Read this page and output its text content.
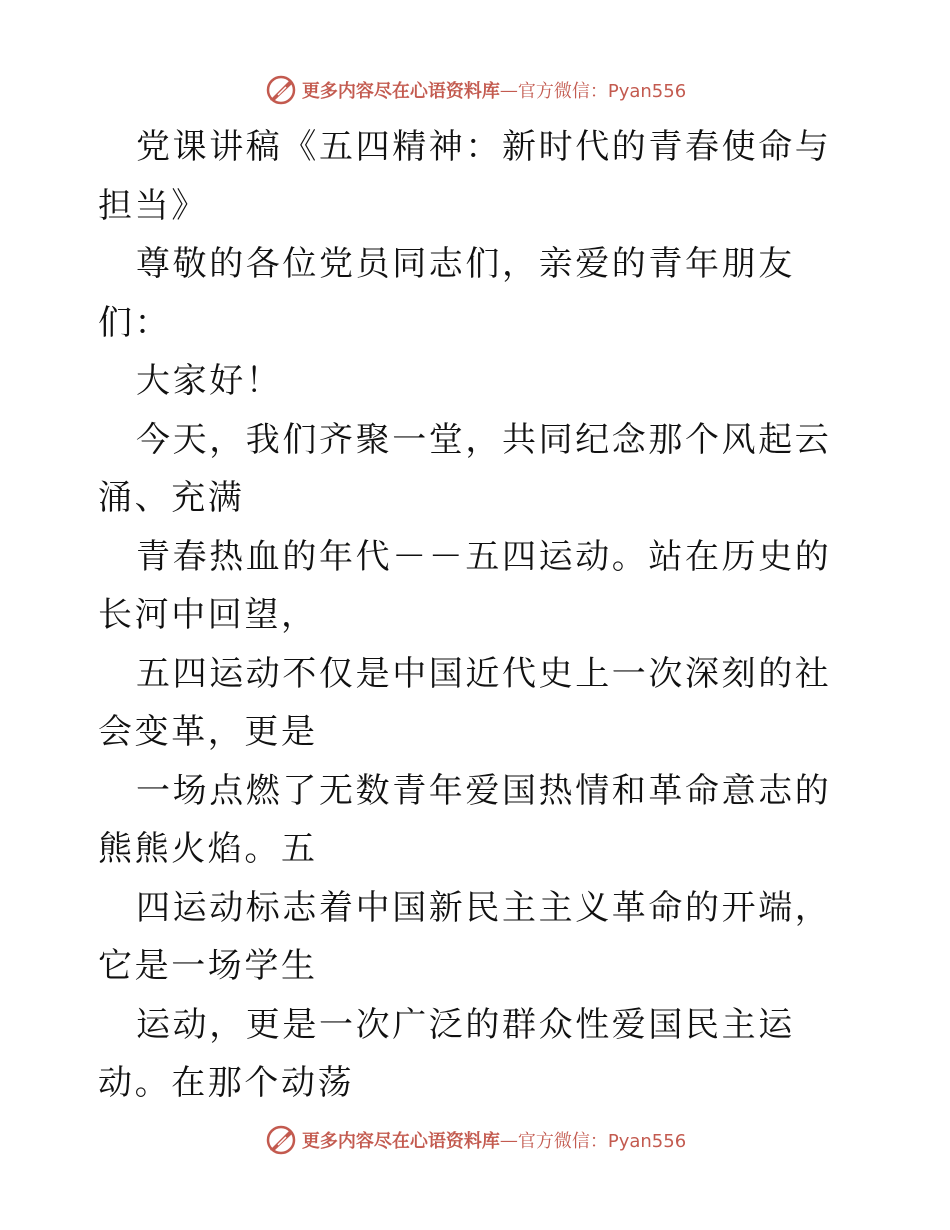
更多内容尽在心语资料库 — 官方微信：Pyan556

党课讲稿《五四精神：新时代的青春使命与担当》

尊敬的各位党员同志们，亲爱的青年朋友们：

大家好！

今天，我们齐聚一堂，共同纪念那个风起云涌、充满

青春热血的年代－－五四运动。站在历史的长河中回望，

五四运动不仅是中国近代史上一次深刻的社会变革，更是

一场点燃了无数青年爱国热情和革命意志的熊熊火焰。五

四运动标志着中国新民主主义革命的开端，它是一场学生

运动，更是一次广泛的群众性爱国民主运动。在那个动荡

更多内容尽在心语资料库 — 官方微信：Pyan556
